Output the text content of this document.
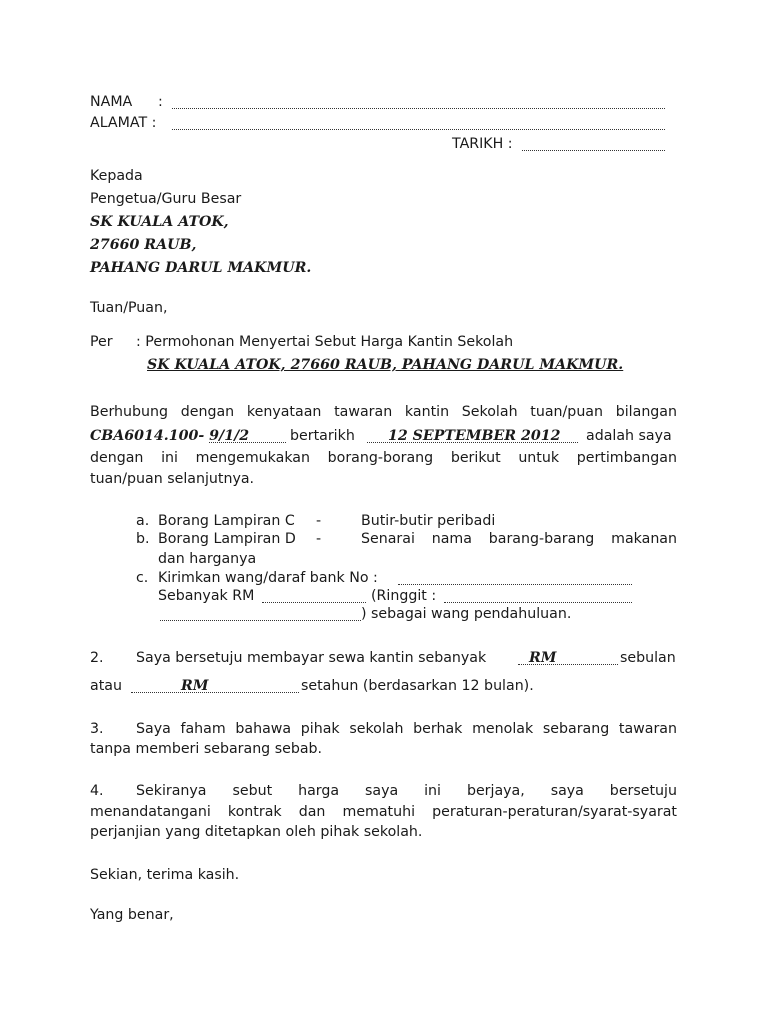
NAMA :
ALAMAT :
TARIKH :
Kepada
Pengetua/Guru Besar
SK KUALA ATOK,
27660 RAUB,
PAHANG DARUL MAKMUR.
Tuan/Puan,
Per : Permohonan Menyertai Sebut Harga Kantin Sekolah
SK KUALA ATOK, 27660 RAUB, PAHANG DARUL MAKMUR.
Berhubung dengan kenyataan tawaran kantin Sekolah tuan/puan bilangan
CBA6014.100- 9/1/2	bertarikh 12 SEPTEMBER 2012 adalah saya
dengan ini mengemukakan borang-borang berikut untuk pertimbangan
tuan/puan selanjutnya.
a. Borang Lampiran C -	Butir-butir peribadi
b. Borang Lampiran D -	Senarai nama barang-barang makanan
dan harganya
c. Kirimkan wang/daraf bank No :
Sebanyak RM	(Ringgit :
) sebagai wang pendahuluan.
2. Saya bersetuju membayar sewa kantin sebanyak	RM	sebulan
atau	RM	setahun (berdasarkan 12 bulan).
3. Saya faham bahawa pihak sekolah berhak menolak sebarang tawaran
tanpa memberi sebarang sebab.
4. Sekiranya sebut harga saya ini berjaya, saya bersetuju
menandatangani kontrak dan mematuhi peraturan-peraturan/syarat-syarat
perjanjian yang ditetapkan oleh pihak sekolah.
Sekian, terima kasih.
Yang benar,
